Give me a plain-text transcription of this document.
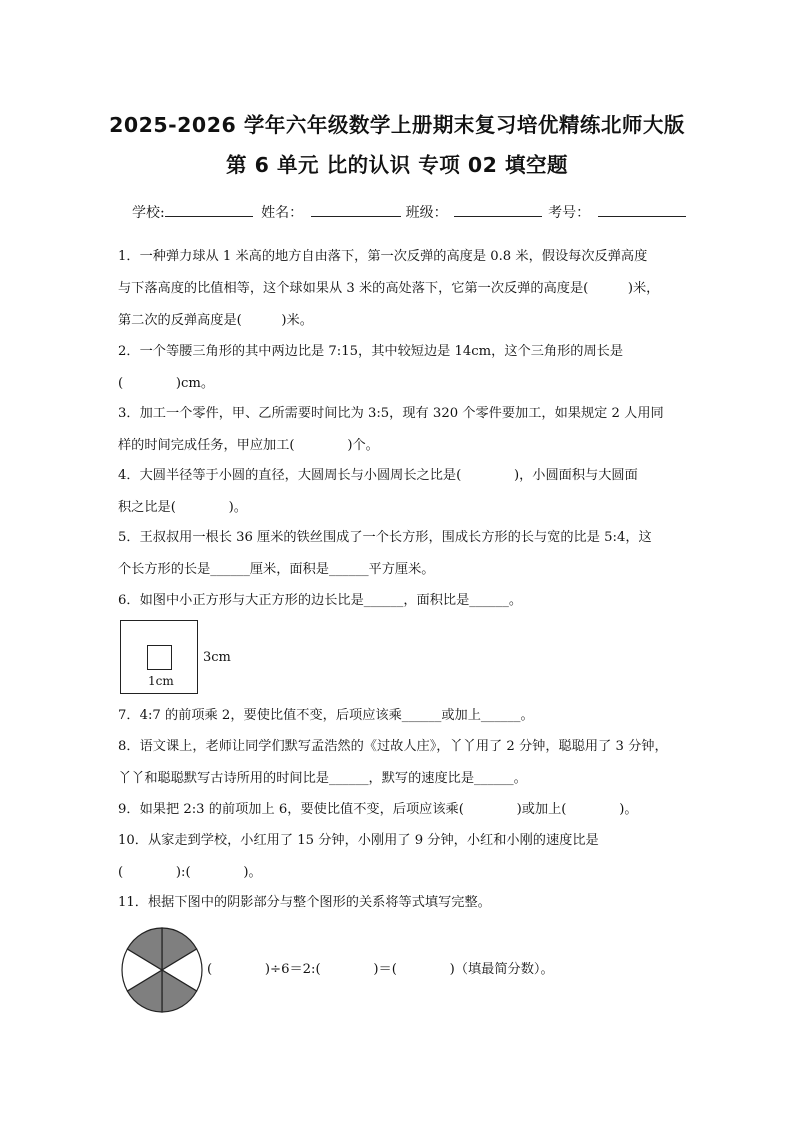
2025-2026 学年六年级数学上册期末复习培优精练北师大版
第 6 单元 比的认识 专项 02 填空题
学校:	姓名：	班级：	考号：
1．一种弹力球从 1 米高的地方自由落下，第一次反弹的高度是 0.8 米，假设每次反弹高度
与下落高度的比值相等，这个球如果从 3 米的高处落下，它第一次反弹的高度是(　　　)米，
第二次的反弹高度是(　　　)米。
2．一个等腰三角形的其中两边比是 7:15，其中较短边是 14cm，这个三角形的周长是
(　　　　)cm。
3．加工一个零件，甲、乙所需要时间比为 3:5，现有 320 个零件要加工，如果规定 2 人用同
样的时间完成任务，甲应加工(　　　　)个。
4．大圆半径等于小圆的直径，大圆周长与小圆周长之比是(　　　　)，小圆面积与大圆面
积之比是(　　　　)。
5．王叔叔用一根长 36 厘米的铁丝围成了一个长方形，围成长方形的长与宽的比是 5:4，这
个长方形的长是______厘米，面积是______平方厘米。
6．如图中小正方形与大正方形的边长比是______，面积比是______。
1cm
3cm
7．4:7 的前项乘 2，要使比值不变，后项应该乘______或加上______。
8．语文课上，老师让同学们默写孟浩然的《过故人庄》，丫丫用了 2 分钟，聪聪用了 3 分钟，
丫丫和聪聪默写古诗所用的时间比是______，默写的速度比是______。
9．如果把 2:3 的前项加上 6，要使比值不变，后项应该乘(　　　　)或加上(　　　　)。
10．从家走到学校，小红用了 15 分钟，小刚用了 9 分钟，小红和小刚的速度比是
(　　　　):(　　　　)。
11．根据下图中的阴影部分与整个图形的关系将等式填写完整。
(　　　　)÷6＝2:(　　　　)＝(　　　　)（填最简分数）。
